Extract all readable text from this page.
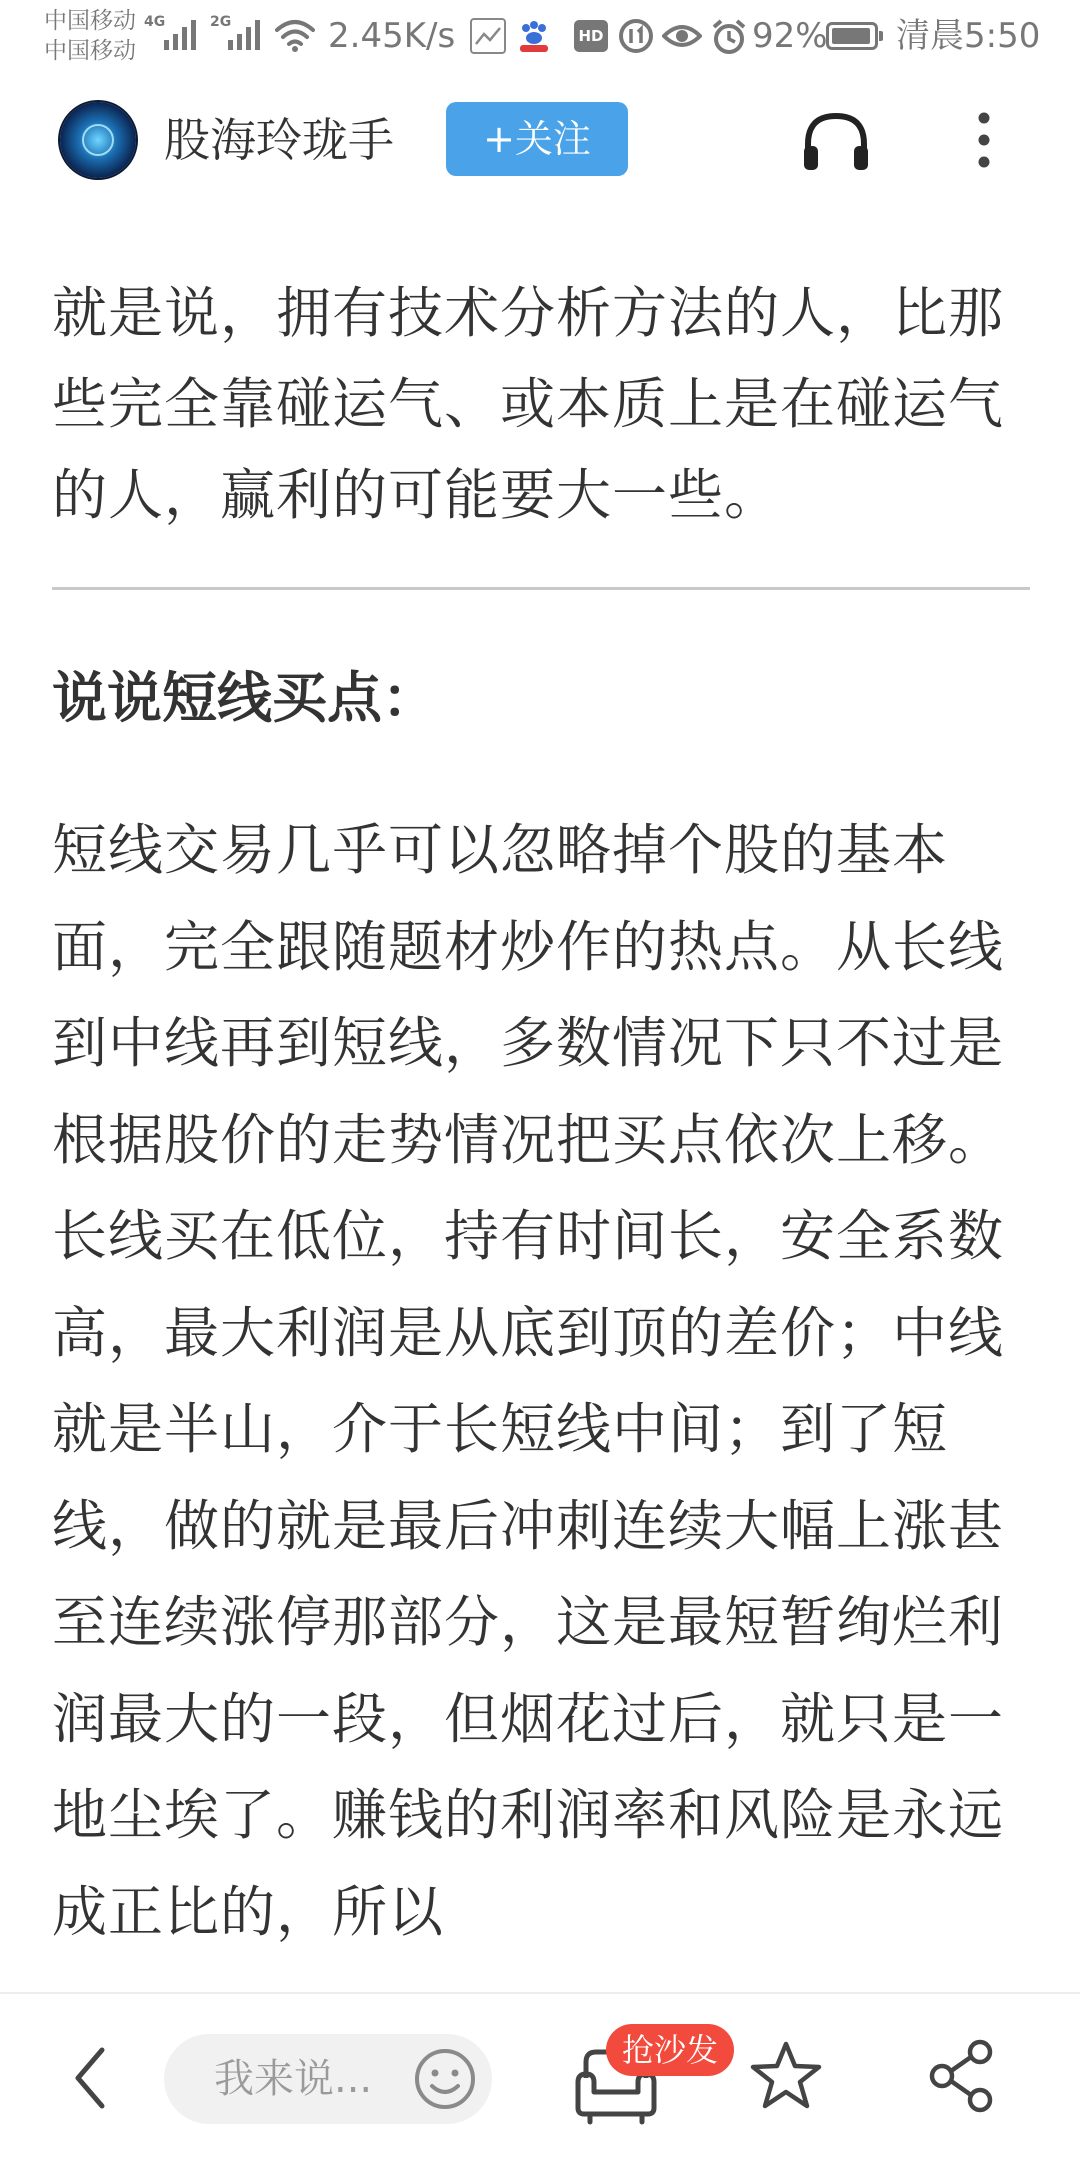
中国移动
中国移动
4G	2G	2.45K/s	HD	92% 清晨5:50
股海玲珑手	+关注

就是说，拥有技术分析方法的人，比那些完全靠碰运气、或本质上是在碰运气的人，赢利的可能要大一些。

说说短线买点：

短线交易几乎可以忽略掉个股的基本面，完全跟随题材炒作的热点。从长线到中线再到短线，多数情况下只不过是根据股价的走势情况把买点依次上移。长线买在低位，持有时间长，安全系数高，最大利润是从底到顶的差价；中线就是半山，介于长短线中间；到了短线，做的就是最后冲刺连续大幅上涨甚至连续涨停那部分，这是最短暂绚烂利润最大的一段，但烟花过后，就只是一地尘埃了。赚钱的利润率和风险是永远成正比的，所以

我来说...
抢沙发
